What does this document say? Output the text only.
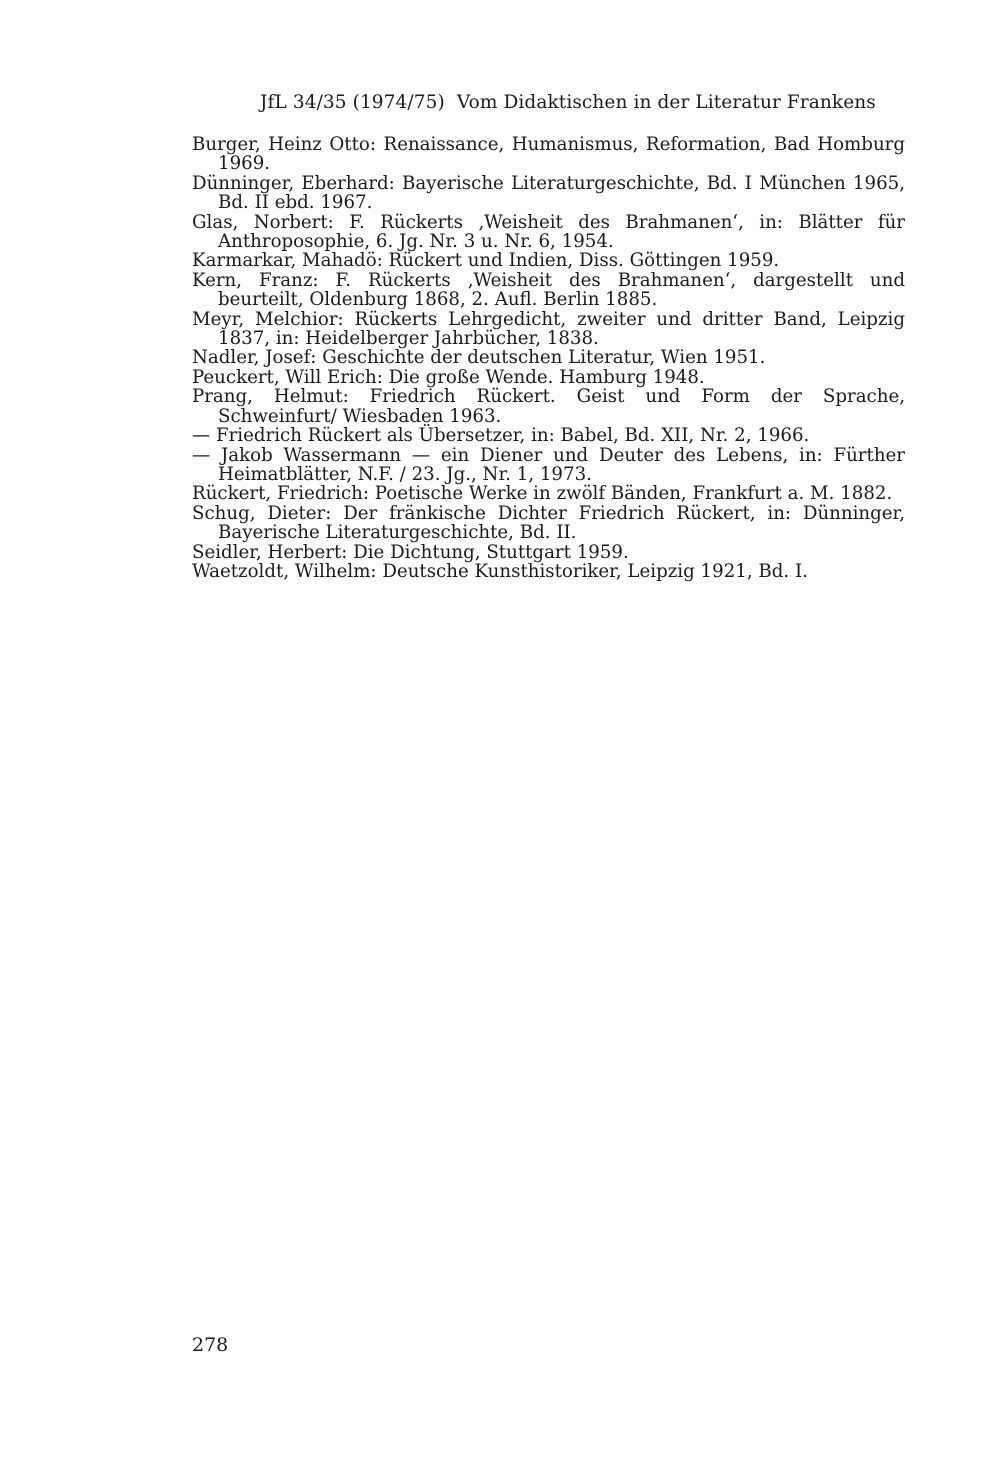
JfL 34/35 (1974/75) Vom Didaktischen in der Literatur Frankens
Burger, Heinz Otto: Renaissance, Humanismus, Reformation, Bad Homburg 1969.
Dünninger, Eberhard: Bayerische Literaturgeschichte, Bd. I München 1965, Bd. II ebd. 1967.
Glas, Norbert: F. Rückerts ‚Weisheit des Brahmanen‘, in: Blätter für Anthroposophie, 6. Jg. Nr. 3 u. Nr. 6, 1954.
Karmarkar, Mahadö: Rückert und Indien, Diss. Göttingen 1959.
Kern, Franz: F. Rückerts ‚Weisheit des Brahmanen‘, dargestellt und beurteilt, Oldenburg 1868, 2. Aufl. Berlin 1885.
Meyr, Melchior: Rückerts Lehrgedicht, zweiter und dritter Band, Leipzig 1837, in: Heidelberger Jahrbücher, 1838.
Nadler, Josef: Geschichte der deutschen Literatur, Wien 1951.
Peuckert, Will Erich: Die große Wende. Hamburg 1948.
Prang, Helmut: Friedrich Rückert. Geist und Form der Sprache, Schweinfurt/ Wiesbaden 1963.
— Friedrich Rückert als Übersetzer, in: Babel, Bd. XII, Nr. 2, 1966.
— Jakob Wassermann — ein Diener und Deuter des Lebens, in: Fürther Heimatblätter, N.F. / 23. Jg., Nr. 1, 1973.
Rückert, Friedrich: Poetische Werke in zwölf Bänden, Frankfurt a. M. 1882.
Schug, Dieter: Der fränkische Dichter Friedrich Rückert, in: Dünninger, Bayerische Literaturgeschichte, Bd. II.
Seidler, Herbert: Die Dichtung, Stuttgart 1959.
Waetzoldt, Wilhelm: Deutsche Kunsthistoriker, Leipzig 1921, Bd. I.
278
